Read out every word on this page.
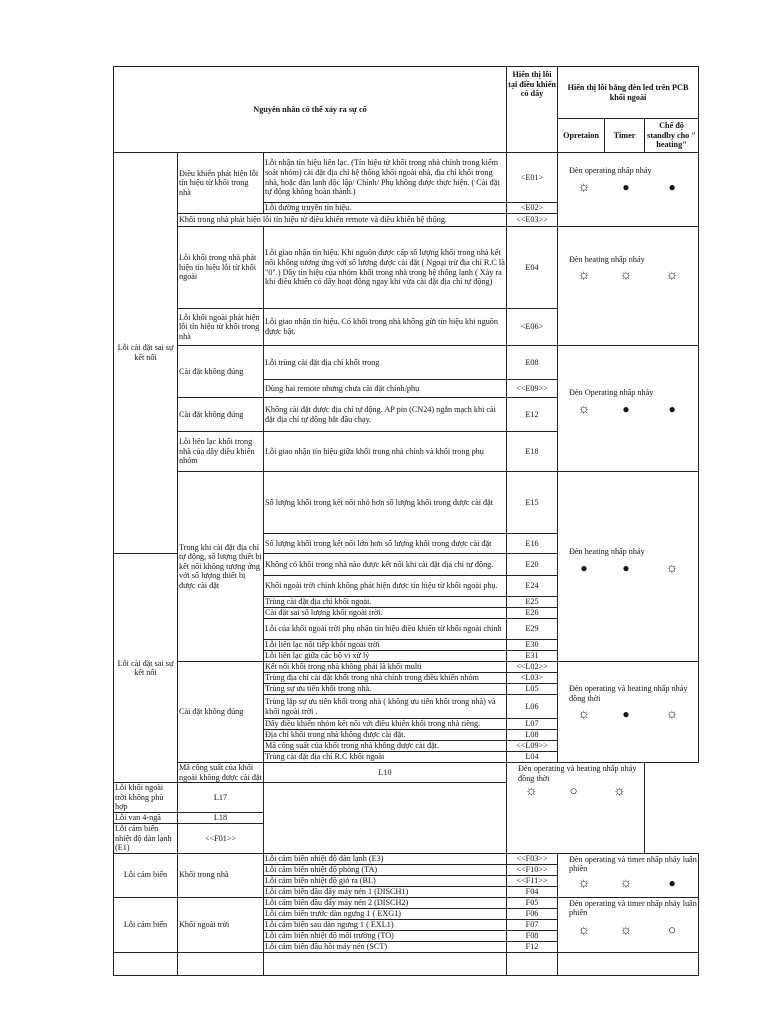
Nguyên nhân có thể xảy ra sự cố			Hiển thị lỗi tại điều khiển có dây	Hiển thị lỗi bằng đèn led trên PCB khối ngoài		
				Opretaion	Timer	Chế độ standby cho " heating"
Lỗi cài đặt sai sự kết nối	Điều khiển phát hiện lỗi tín hiệu từ khối trong nhà	Lỗi nhận tín hiệu liên lạc. (Tín hiệu từ khối trong nhà chính trong kiểm soát nhóm) cài đặt địa chỉ hệ thống khối ngoài nhà, địa chỉ khối trong nhà, hoặc dàn lạnh độc lập/ Chính/ Phụ không được thực hiện. ( Cài đặt tự động không hoàn thành.)	<E01>	Đèn operating nhấp nháy
☼ ● ●		

		Lỗi đường truyền tín hiệu.	<E02>			
	Khối trong nhà phát hiện lỗi tín hiệu từ điều khiển remote và điều khiển hệ thống.		<<E03>>			
	Lỗi khối trong nhà phát hiện tín hiệu lỗi từ khối ngoài	Lỗi giao nhận tín hiệu. Khi nguồn được cấp số lượng khối trong nhà kết nối không tương ứng với số lượng được cài đặt ( Ngoại trừ địa chỉ R.C là "0".) Dây tín hiệu của nhóm khối trong nhà trong hệ thống lạnh ( Xảy ra khi điều khiển có dây hoạt động ngay khi vừa cài đặt địa chỉ tự động)	E04	Đèn heating nhấp nháy
☼ ☼ ☼		

	Lỗi khối ngoài phát hiện lỗi tín hiệu từ khối trong nhà	Lỗi giao nhận tín hiệu. Có khối trong nhà không gửi tín hiệu khi nguồn được bật.	<E06>			
	Cài đặt không đúng	Lỗi trùng cài đặt địa chỉ khối trong	E08	Đèn Operating nhấp nháy
☼ ● ●		

		Dùng hai remote nhưng chưa cài đặt chính/phụ	<<E09>>			
	Cài đặt không đúng	Không cài đặt được địa chỉ tự động. AP pin (CN24) ngắn mạch khi cài đặt địa chỉ tự động bắt đầu chạy.	E12			
	Lỗi liên lạc khối trong nhà của dây điều khiển nhóm	Lỗi giao nhận tín hiệu giữa khối trong nhà chính và khối trong phụ	E18			
	Trong khi cài đặt địa chỉ tự động, số lượng thiết bị kết nối không tương ứng với số lượng thiết bị được cài đặt	Số lượng khối trong kết nối nhỏ hơn số lượng khối trong được cài đặt	E15	Đèn heating nhấp nháy
● ● ☼		

		Số lượng khối trong kết nối lớn hơn số lượng khối trong được cài đặt	E16			
Lỗi cài đặt sai sự kết nối		Không có khối trong nhà nào được kết nối khi cài đặt địa chỉ tự động.	E20			
		Khối ngoài trời chính không phát hiện được tín hiệu từ khối ngoài phụ.	E24			
		Trùng cài đặt địa chỉ khối ngoài.	E25			
		Cài đặt sai số lượng khối ngoài trời.	E26			
		Lỗi của khối ngoài trời phụ nhận tín hiệu điều khiển từ khối ngoài chính	E29			
		Lỗi liên lạc nối tiếp khối ngoài trời	E30			
		Lỗi liên lạc giữa các bộ vi xử lý	E31			
	Cài đặt không đúng	Kết nối khối trong nhà không phải là khối multi	<<L02>>	Đèn operating và heating nhấp nháy đồng thời
☼ ● ☼		

		Trùng địa chỉ cài đặt khối trong nhà chính trong điều khiển nhóm	<L03>			
		Trùng sự ưu tiên khối trong nhà.	L05			
		Trùng lặp sự ưu tiên khối trong nhà ( không ưu tiên khối trong nhà) và khối ngoài trời .	L06			
		Dây điều khiển nhóm kết nối với điều khiển khối trong nhà riêng.	L07			
		Địa chỉ khối trong nhà không được cài đặt.	L08			
		Mã công suất của khối trong nhà không được cài đặt.	<<L09>>			
		Trùng cài đặt địa chỉ R.C khối ngoài	L04			
	Mã công suất của khối ngoài không được cài đặt	L10	Đèn operating và heating nhấp nháy đồng thời
☼ ○ ☼			

Lỗi khối ngoài trời không phù hợp	L17					
Lỗi van 4-ngã	L18					
Lỗi cảm biến nhiệt độ dàn lạnh (E1)	<<F01>>					
Lỗi cảm biến	Khối trong nhà	Lỗi cảm biến nhiệt độ dàn lạnh (E3)	<<F03>>	Đèn operating và timer nhấp nháy luân phiên
☼ ☼ ●		

		Lỗi cảm biến nhiệt độ phòng (TA)	<<F10>>			
		Lỗi cảm biến nhiệt độ gió ra (BL)	<<F11>>			
		Lỗi cảm biến đầu đẩy máy nén 1 (DISCH1)	F04			
Lỗi cảm biến	Khối ngoài trời	Lỗi cảm biến đầu đẩy máy nén 2 (DISCH2)	F05	Đèn operating và timer nhấp nháy luân phiên
☼ ☼ ○		

		Lỗi cảm biến trước dàn ngưng 1 ( EXG1)	F06			
		Lỗi cảm biến sau dàn ngưng 1 ( EXL1)	F07			
		Lỗi cảm biến nhiệt độ môi trường (TO)	F08			
		Lỗi cảm biến đầu hồi máy nén (SCT)	F12			
